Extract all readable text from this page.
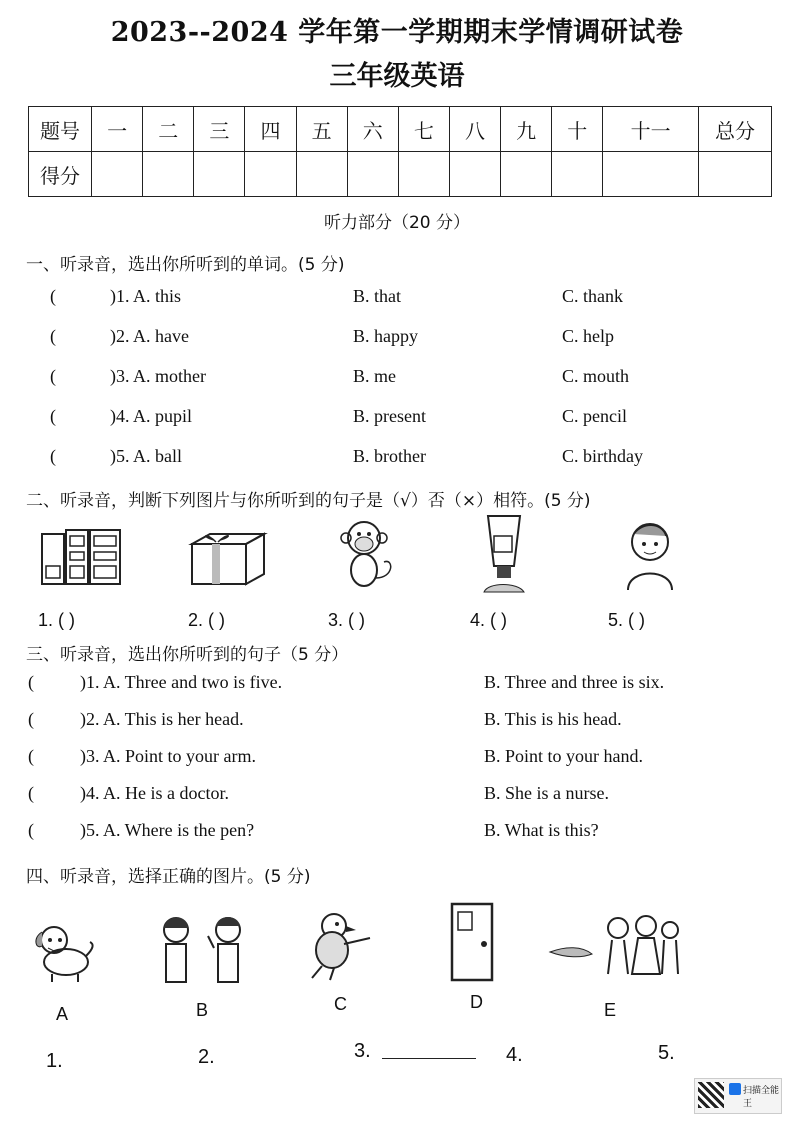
2023--2024 学年第一学期期末学情调研试卷
三年级英语
题号	一	二	三	四	五	六	七	八	九	十	十一	总分
得分												
听力部分（20 分）
一、听录音，选出你所听到的单词。(5 分)
(	)1. A. this	B. that	C. thank
(	)2. A. have	B. happy	C. help
(	)3. A. mother	B. me	C. mouth
(	)4. A. pupil	B. present	C. pencil
(	)5. A. ball	B. brother	C. birthday
二、听录音，判断下列图片与你所听到的句子是（√）否（×）相符。(5 分)
1. ( )	2. ( )	3. ( )	4. ( )	5. ( )
三、听录音，选出你所听到的句子（5 分）
(	)1. A. Three and two is five.	B. Three and three is six.
(	)2. A. This is her head.	B. This is his head.
(	)3. A. Point to your arm.	B. Point to your hand.
(	)4. A. He is a doctor.	B. She is a nurse.
(	)5. A. Where is the pen?	B. What is this?
四、听录音，选择正确的图片。(5 分)
A	B	C	D	E
1.	2.	3.	4.	5.
扫描全能王
